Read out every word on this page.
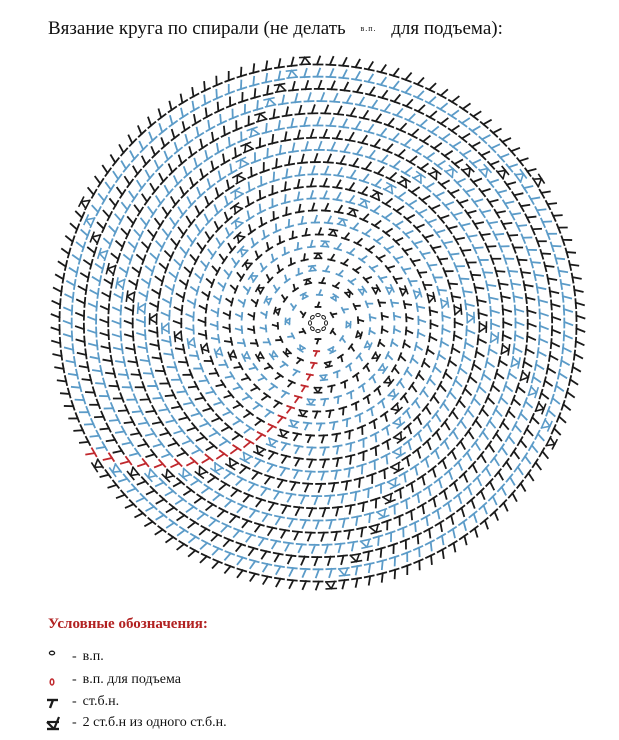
Вязание круга по спирали (не делать в.п. для подъема):
Условные обозначения:
- в.п.
- в.п. для подъема
- ст.б.н.
- 2 ст.б.н из одного ст.б.н.
